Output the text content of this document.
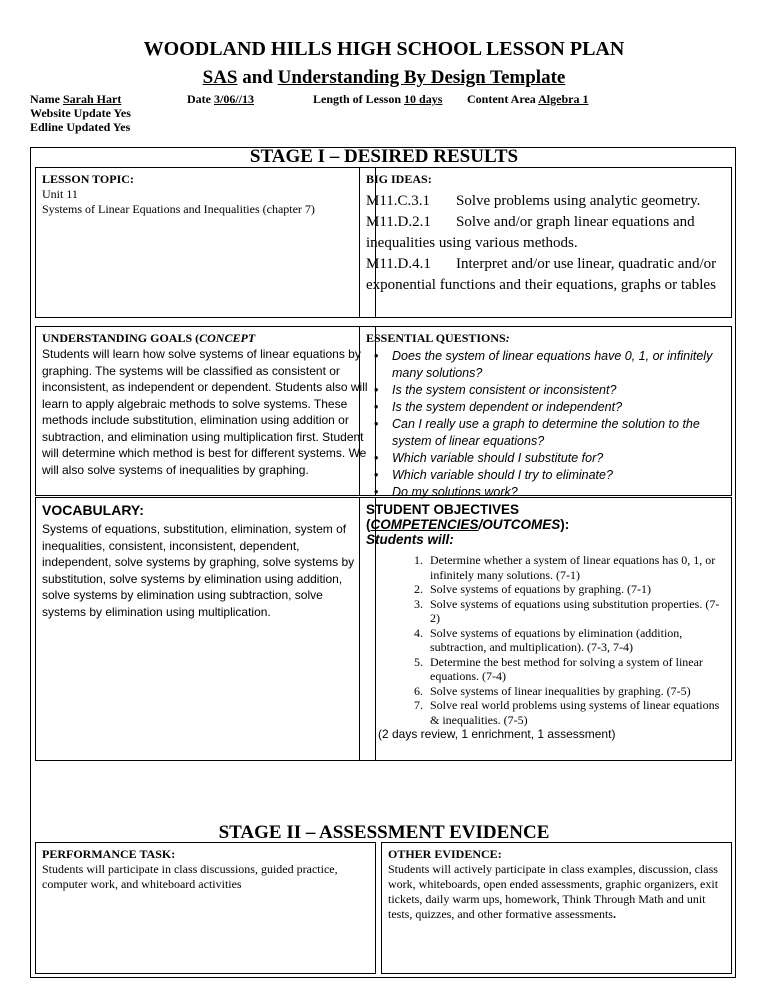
WOODLAND HILLS HIGH SCHOOL LESSON PLAN
SAS and Understanding By Design Template
Name Sarah Hart
Website Update Yes
Edline Updated Yes
Date 3/06//13	Length of Lesson 10 days Content Area Algebra 1
STAGE I – DESIRED RESULTS
LESSON TOPIC:
Unit 11
Systems of Linear Equations and Inequalities (chapter 7)
BIG IDEAS:

M11.C.3.1 Solve problems using analytic geometry.

M11.D.2.1 Solve and/or graph linear equations and inequalities using various methods.

M11.D.4.1 Interpret and/or use linear, quadratic and/or exponential functions and their equations, graphs or tables

UNDERSTANDING GOALS (CONCEPT
Students will learn how solve systems of linear equations by graphing. The systems will be classified as consistent or inconsistent, as independent or dependent. Students also will learn to apply algebraic methods to solve systems. These methods include substitution, elimination using addition or subtraction, and elimination using multiplication first. Student will determine which method is best for different systems. We will also solve systems of inequalities by graphing.
ESSENTIAL QUESTIONS:
• Does the system of linear equations have 0, 1, or infinitely many solutions?
• Is the system consistent or inconsistent?
• Is the system dependent or independent?
• Can I really use a graph to determine the solution to the system of linear equations?
• Which variable should I substitute for?
• Which variable should I try to eliminate?
• Do my solutions work?
VOCABULARY:
Systems of equations, substitution, elimination, system of inequalities, consistent, inconsistent, dependent, independent, solve systems by graphing, solve systems by substitution, solve systems by elimination using addition, solve systems by elimination using subtraction, solve systems by elimination using multiplication.
STUDENT OBJECTIVES (COMPETENCIES/OUTCOMES):
Students will:
1. Determine whether a system of linear equations has 0, 1, or infinitely many solutions. (7-1)
2. Solve systems of equations by graphing. (7-1)
3. Solve systems of equations using substitution properties. (7-2)
4. Solve systems of equations by elimination (addition, subtraction, and multiplication). (7-3, 7-4)
5. Determine the best method for solving a system of linear equations. (7-4)
6. Solve systems of linear inequalities by graphing. (7-5)
7. Solve real world problems using systems of linear equations & inequalities. (7-5)
(2 days review, 1 enrichment, 1 assessment)
STAGE II – ASSESSMENT EVIDENCE
PERFORMANCE TASK:
Students will participate in class discussions, guided practice, computer work, and whiteboard activities
OTHER EVIDENCE:
Students will actively participate in class examples, discussion, class work, whiteboards, open ended assessments, graphic organizers, exit tickets, daily warm ups, homework, Think Through Math and unit tests, quizzes, and other formative assessments.
